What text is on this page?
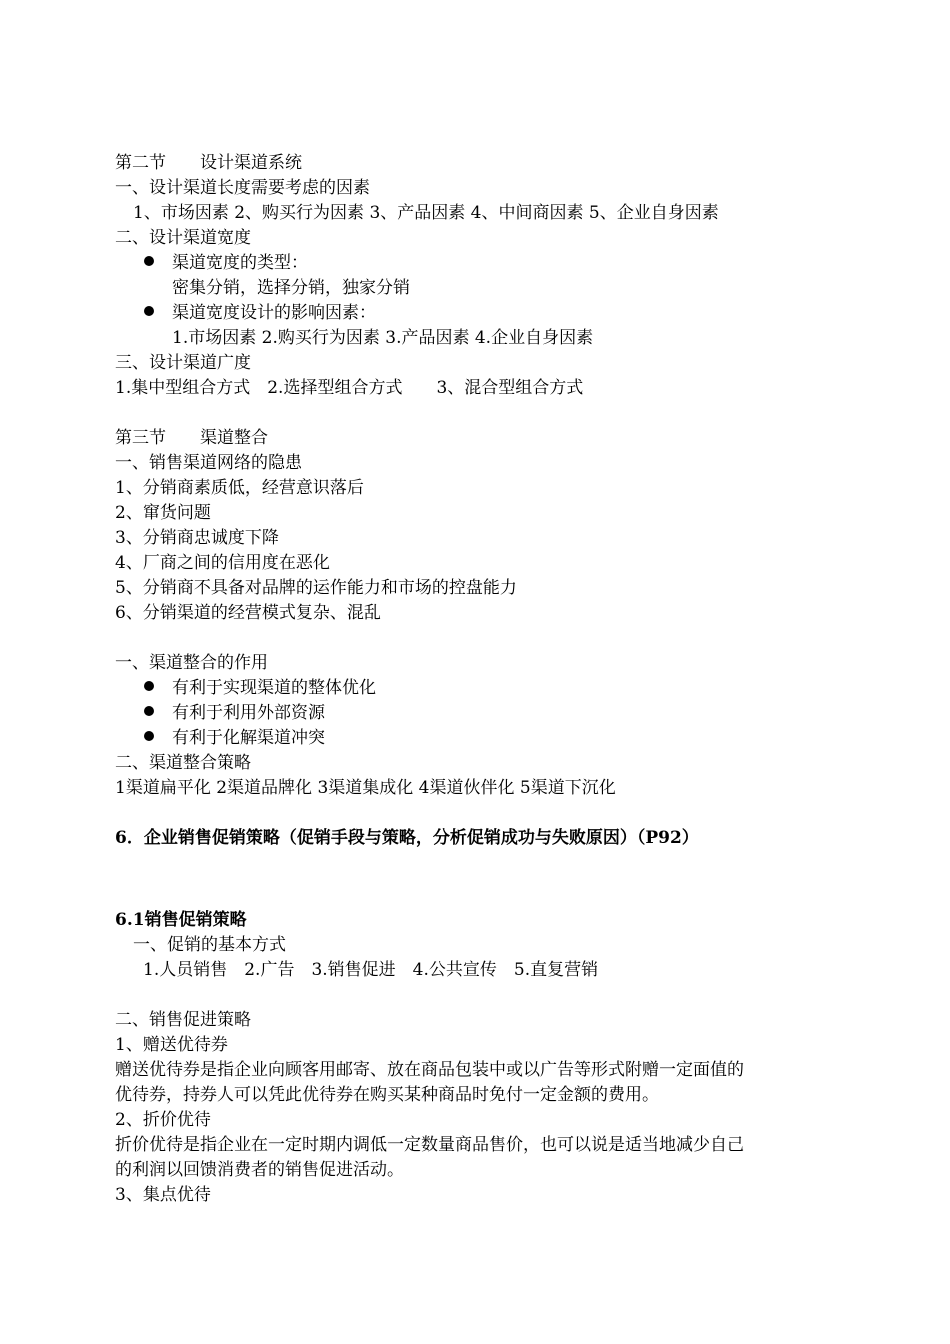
第二节　　设计渠道系统
一、设计渠道长度需要考虑的因素
1、市场因素 2、购买行为因素 3、产品因素 4、中间商因素 5、企业自身因素
二、设计渠道宽度
渠道宽度的类型：
密集分销，选择分销，独家分销
渠道宽度设计的影响因素：
1.市场因素 2.购买行为因素 3.产品因素 4.企业自身因素
三、设计渠道广度
1.集中型组合方式　2.选择型组合方式　　3、混合型组合方式
第三节　　渠道整合
一、销售渠道网络的隐患
1、分销商素质低，经营意识落后
2、窜货问题
3、分销商忠诚度下降
4、厂商之间的信用度在恶化
5、分销商不具备对品牌的运作能力和市场的控盘能力
6、分销渠道的经营模式复杂、混乱
一、渠道整合的作用
有利于实现渠道的整体优化
有利于利用外部资源
有利于化解渠道冲突
二、渠道整合策略
1渠道扁平化 2渠道品牌化 3渠道集成化 4渠道伙伴化 5渠道下沉化
6．企业销售促销策略（促销手段与策略，分析促销成功与失败原因）（P92）
6.1销售促销策略
一、促销的基本方式
1.人员销售　2.广告　3.销售促进　4.公共宣传　5.直复营销
二、销售促进策略
1、赠送优待券
赠送优待券是指企业向顾客用邮寄、放在商品包装中或以广告等形式附赠一定面值的
优待券，持券人可以凭此优待券在购买某种商品时免付一定金额的费用。
2、折价优待
折价优待是指企业在一定时期内调低一定数量商品售价，也可以说是适当地减少自己
的利润以回馈消费者的销售促进活动。
3、集点优待
